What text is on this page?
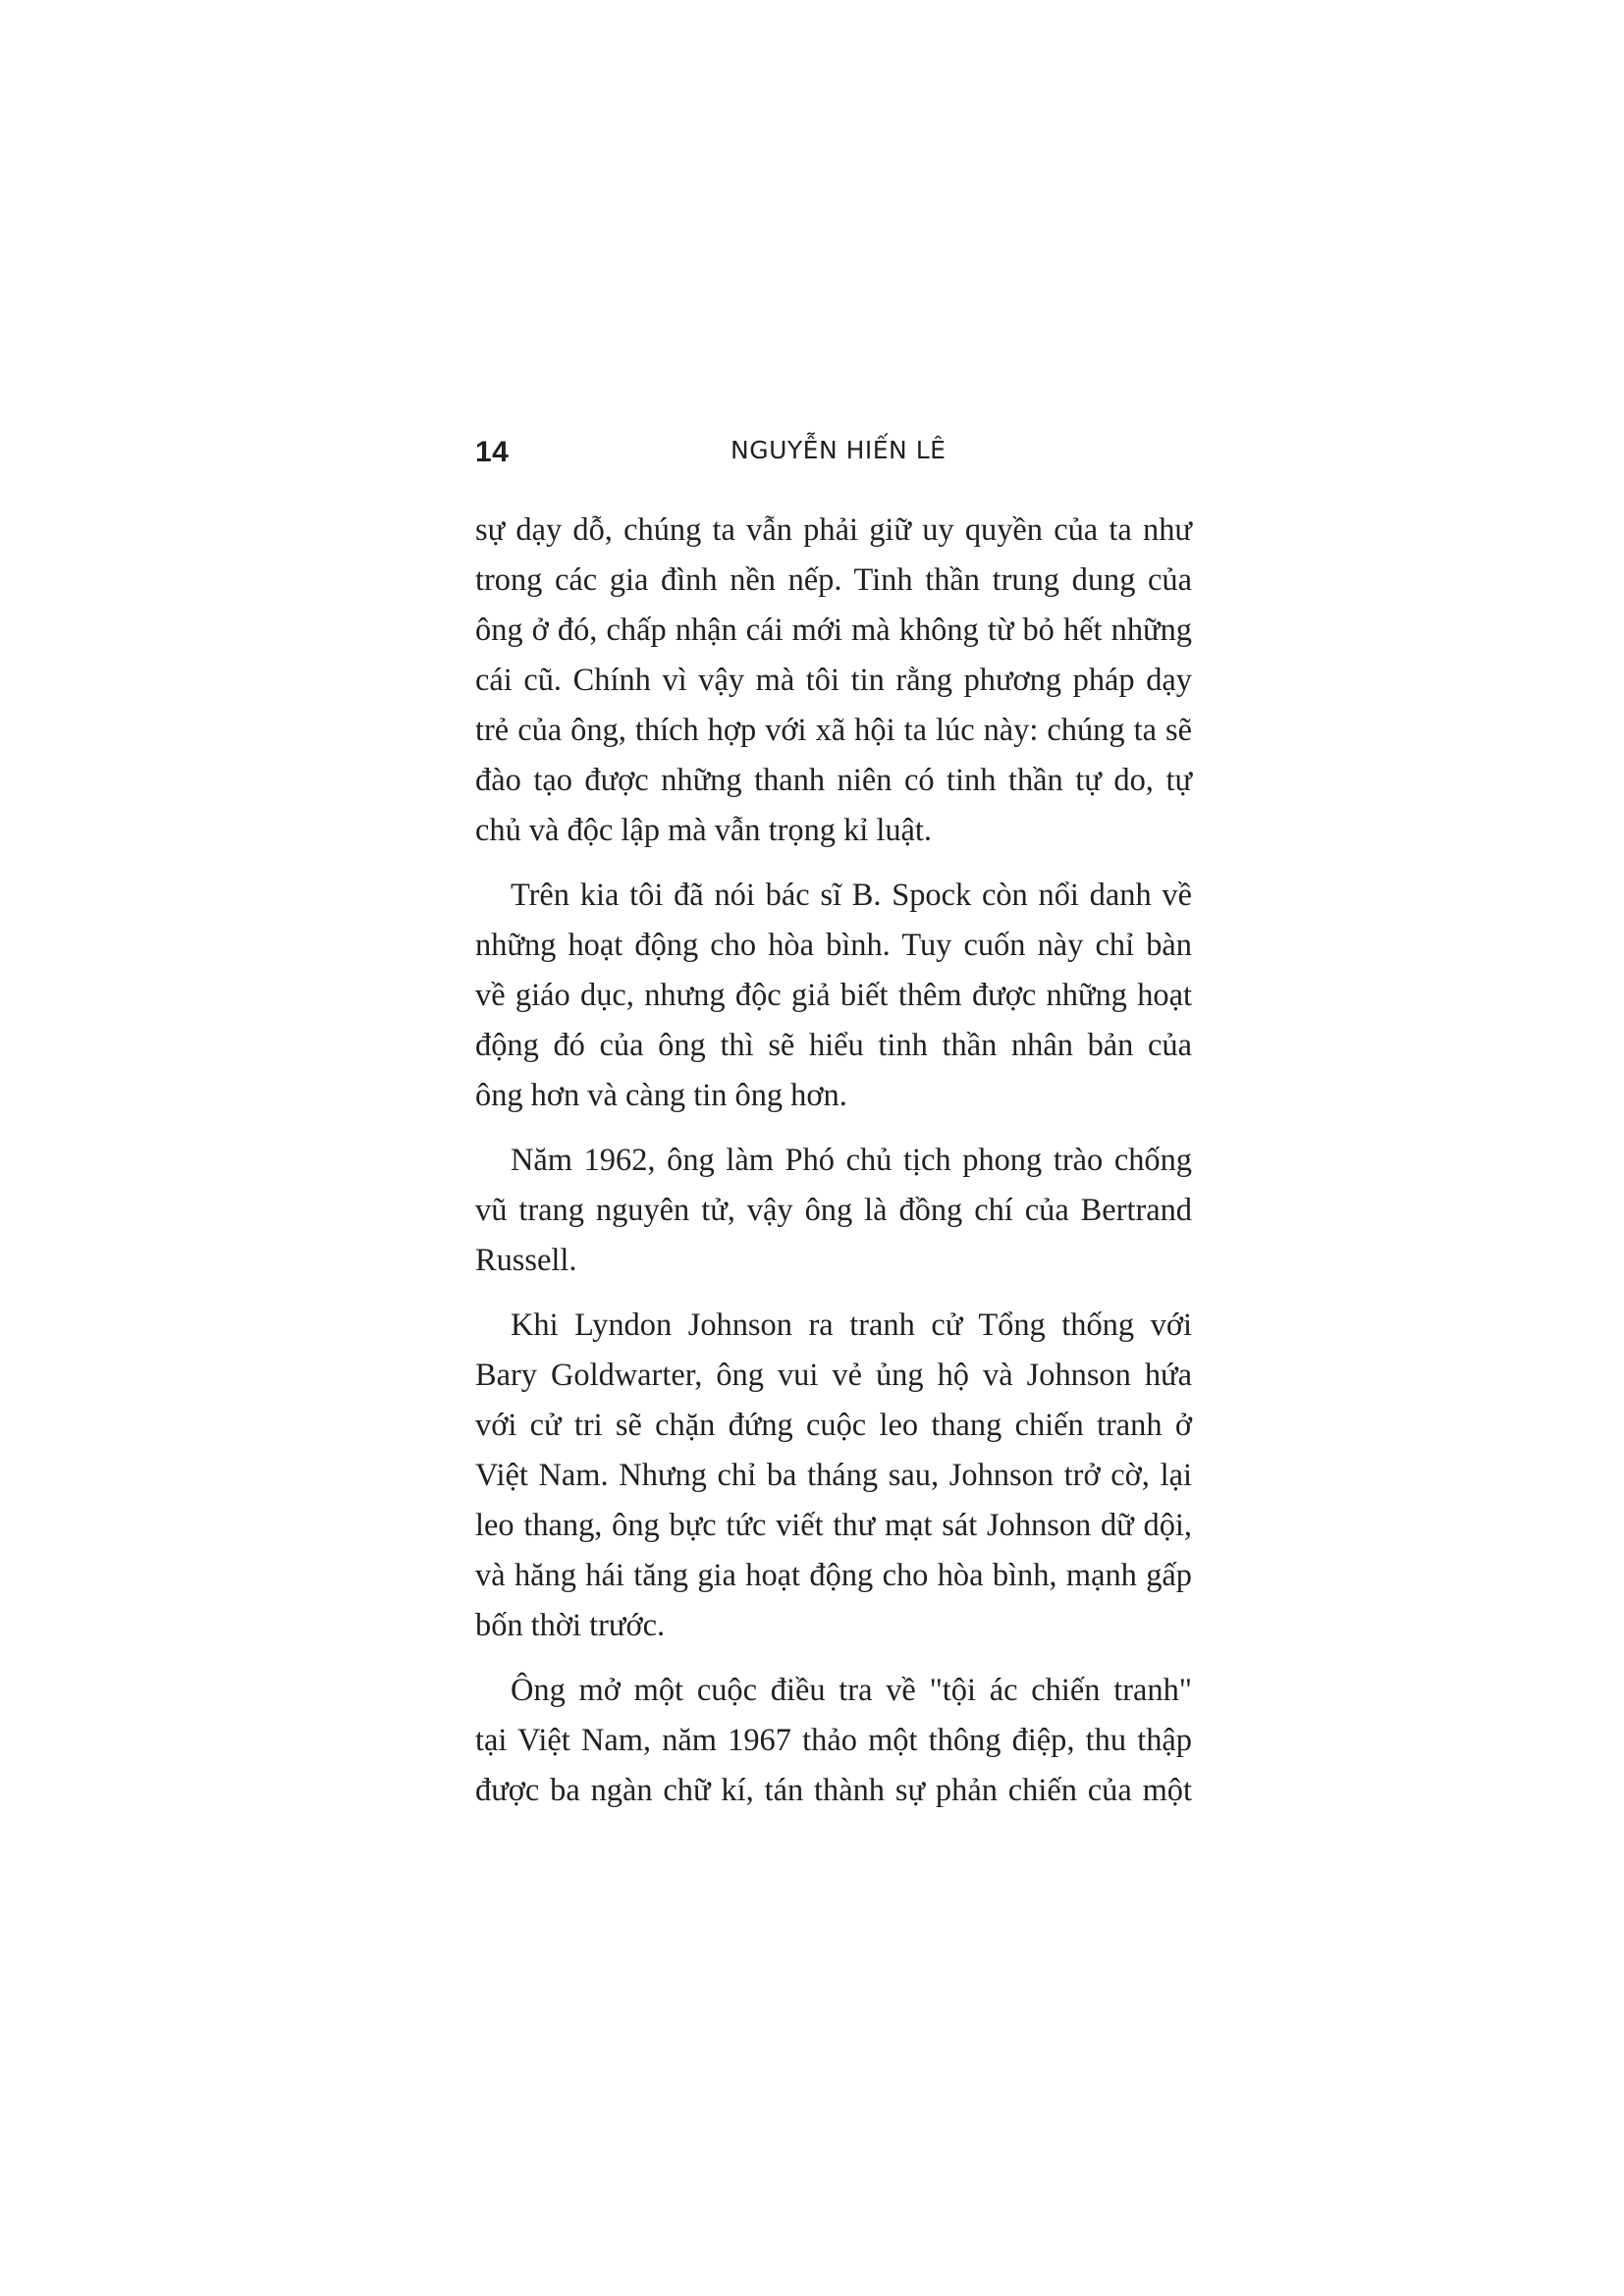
14	NGUYỄN HIẾN LÊ
sự dạy dỗ, chúng ta vẫn phải giữ uy quyền của ta như
trong các gia đình nền nếp. Tinh thần trung dung của
ông ở đó, chấp nhận cái mới mà không từ bỏ hết những
cái cũ. Chính vì vậy mà tôi tin rằng phương pháp dạy
trẻ của ông, thích hợp với xã hội ta lúc này: chúng ta sẽ
đào tạo được những thanh niên có tinh thần tự do, tự
chủ và độc lập mà vẫn trọng kỉ luật.
Trên kia tôi đã nói bác sĩ B. Spock còn nổi danh về
những hoạt động cho hòa bình. Tuy cuốn này chỉ bàn
về giáo dục, nhưng độc giả biết thêm được những hoạt
động đó của ông thì sẽ hiểu tinh thần nhân bản của
ông hơn và càng tin ông hơn.
Năm 1962, ông làm Phó chủ tịch phong trào chống
vũ trang nguyên tử, vậy ông là đồng chí của Bertrand
Russell.
Khi Lyndon Johnson ra tranh cử Tổng thống với
Bary Goldwarter, ông vui vẻ ủng hộ và Johnson hứa
với cử tri sẽ chặn đứng cuộc leo thang chiến tranh ở
Việt Nam. Nhưng chỉ ba tháng sau, Johnson trở cờ, lại
leo thang, ông bực tức viết thư mạt sát Johnson dữ dội,
và hăng hái tăng gia hoạt động cho hòa bình, mạnh gấp
bốn thời trước.
Ông mở một cuộc điều tra về "tội ác chiến tranh"
tại Việt Nam, năm 1967 thảo một thông điệp, thu thập
được ba ngàn chữ kí, tán thành sự phản chiến của một
